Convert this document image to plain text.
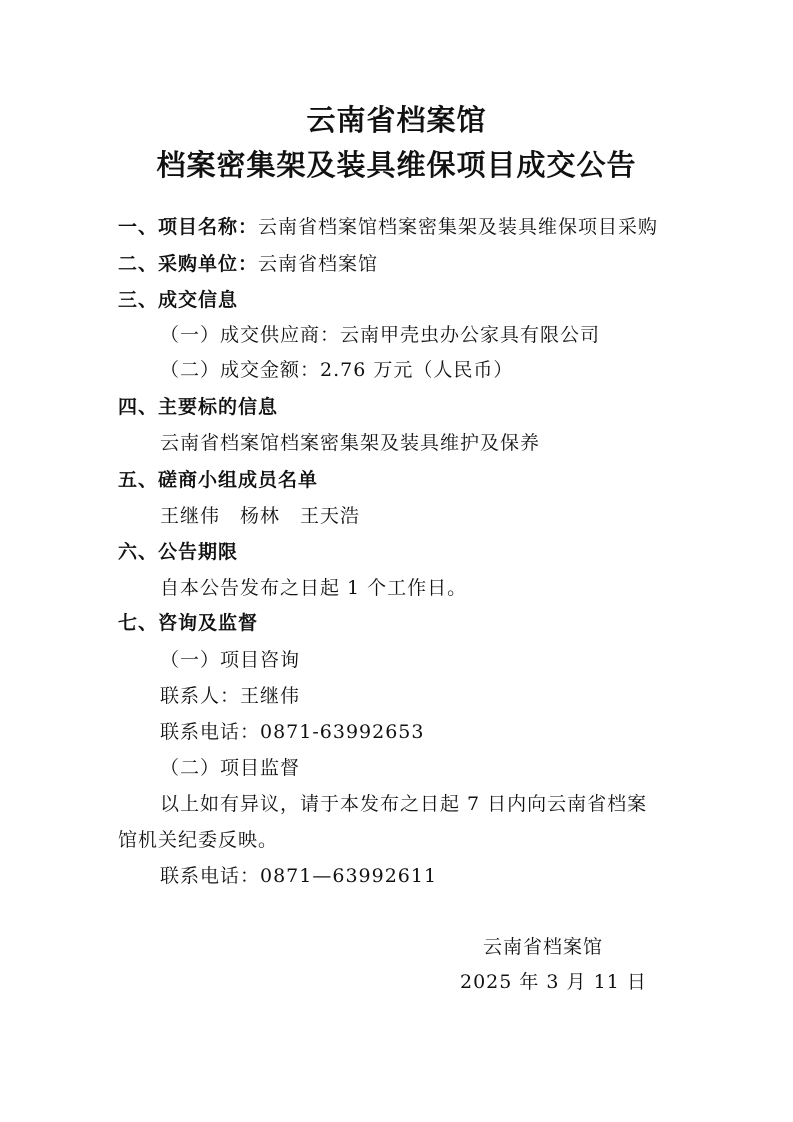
云南省档案馆
档案密集架及装具维保项目成交公告
一、项目名称：云南省档案馆档案密集架及装具维保项目采购
二、采购单位：云南省档案馆
三、成交信息
（一）成交供应商：云南甲壳虫办公家具有限公司
（二）成交金额：2.76 万元（人民币）
四、主要标的信息
云南省档案馆档案密集架及装具维护及保养
五、磋商小组成员名单
王继伟　杨林　王天浩
六、公告期限
自本公告发布之日起 1 个工作日。
七、咨询及监督
（一）项目咨询
联系人：王继伟
联系电话：0871-63992653
（二）项目监督
以上如有异议，请于本发布之日起 7 日内向云南省档案
馆机关纪委反映。
联系电话：0871—63992611
云南省档案馆
2025 年 3 月 11 日
